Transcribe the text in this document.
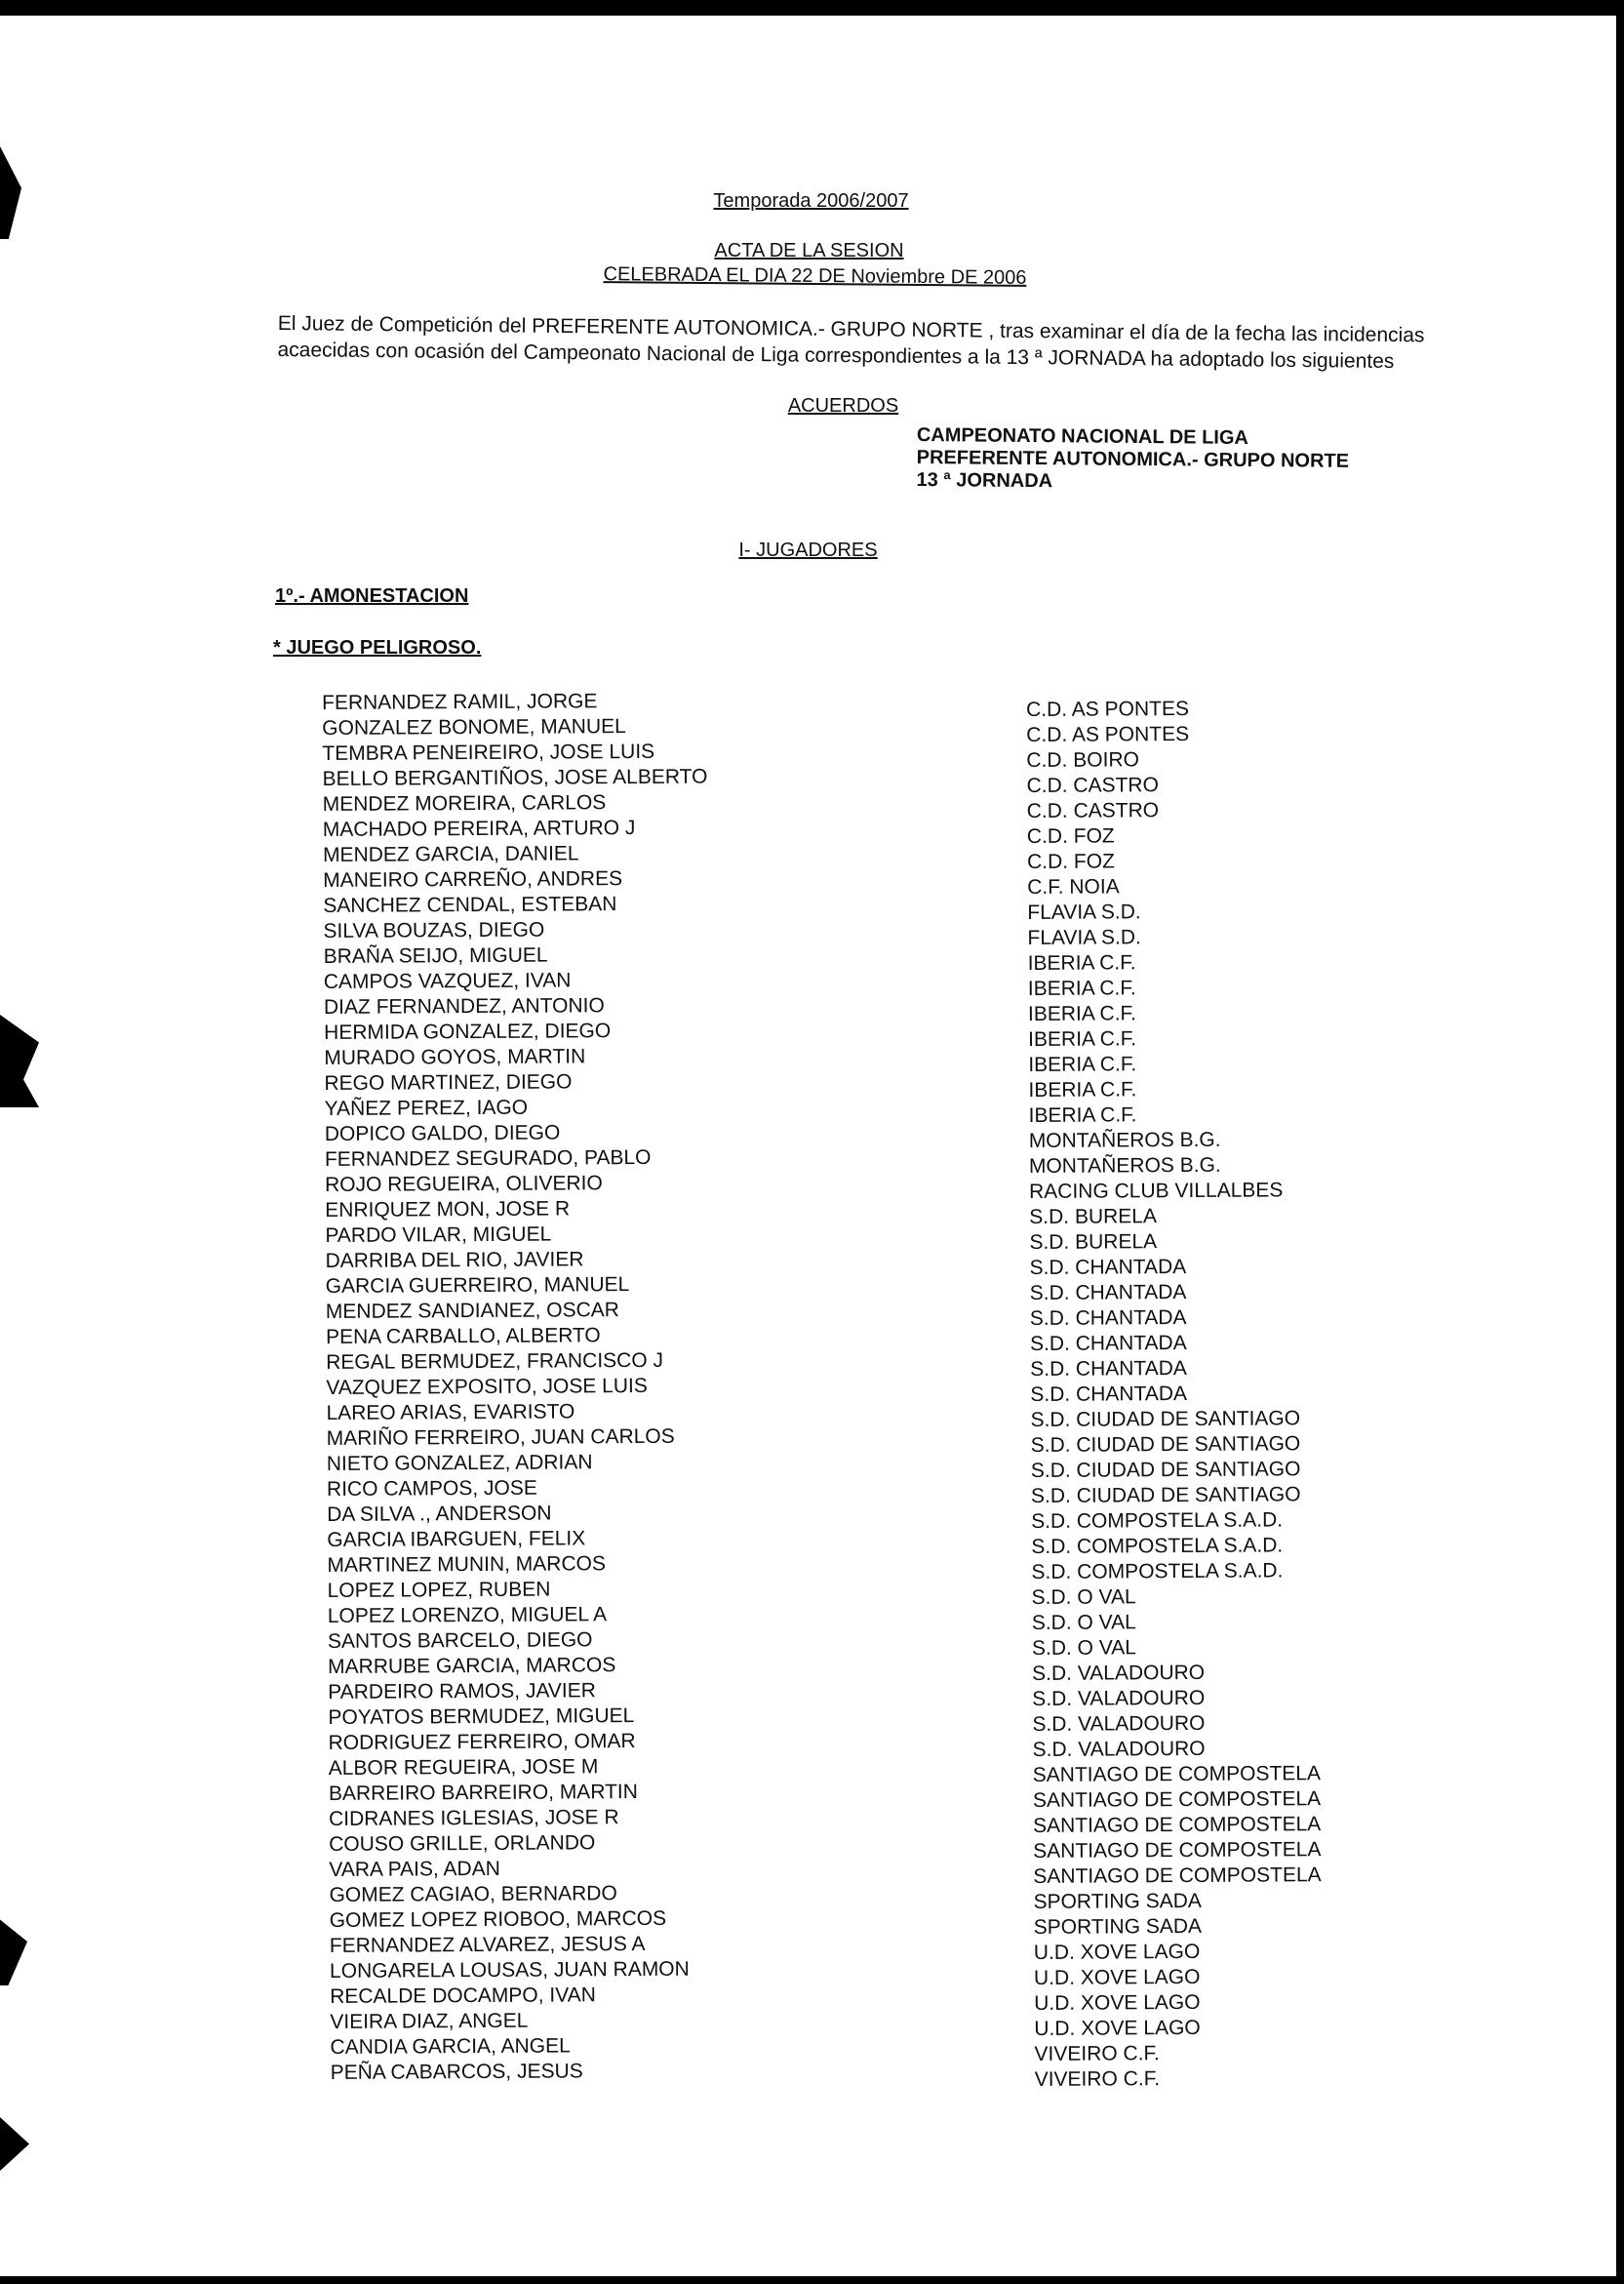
Temporada 2006/2007
ACTA DE LA SESION
CELEBRADA EL DIA 22 DE Noviembre DE 2006
El Juez de Competición del PREFERENTE AUTONOMICA.- GRUPO NORTE , tras examinar el día de la fecha las incidencias
acaecidas con ocasión del Campeonato Nacional de Liga correspondientes a la 13 ª JORNADA ha adoptado los siguientes
ACUERDOS
CAMPEONATO NACIONAL DE LIGA
PREFERENTE AUTONOMICA.- GRUPO NORTE
13 ª JORNADA
I- JUGADORES
1º.- AMONESTACION
* JUEGO PELIGROSO.
FERNANDEZ RAMIL, JORGE
GONZALEZ BONOME, MANUEL
TEMBRA PENEIREIRO, JOSE LUIS
BELLO BERGANTIÑOS, JOSE ALBERTO
MENDEZ MOREIRA, CARLOS
MACHADO PEREIRA, ARTURO J
MENDEZ GARCIA, DANIEL
MANEIRO CARREÑO, ANDRES
SANCHEZ CENDAL, ESTEBAN
SILVA BOUZAS, DIEGO
BRAÑA SEIJO, MIGUEL
CAMPOS VAZQUEZ, IVAN
DIAZ FERNANDEZ, ANTONIO
HERMIDA GONZALEZ, DIEGO
MURADO GOYOS, MARTIN
REGO MARTINEZ, DIEGO
YAÑEZ PEREZ, IAGO
DOPICO GALDO, DIEGO
FERNANDEZ SEGURADO, PABLO
ROJO REGUEIRA, OLIVERIO
ENRIQUEZ MON, JOSE R
PARDO VILAR, MIGUEL
DARRIBA DEL RIO, JAVIER
GARCIA GUERREIRO, MANUEL
MENDEZ SANDIANEZ, OSCAR
PENA CARBALLO, ALBERTO
REGAL BERMUDEZ, FRANCISCO J
VAZQUEZ EXPOSITO, JOSE LUIS
LAREO ARIAS, EVARISTO
MARIÑO FERREIRO, JUAN CARLOS
NIETO GONZALEZ, ADRIAN
RICO CAMPOS, JOSE
DA SILVA ., ANDERSON
GARCIA IBARGUEN, FELIX
MARTINEZ MUNIN, MARCOS
LOPEZ LOPEZ, RUBEN
LOPEZ LORENZO, MIGUEL A
SANTOS BARCELO, DIEGO
MARRUBE GARCIA, MARCOS
PARDEIRO RAMOS, JAVIER
POYATOS BERMUDEZ, MIGUEL
RODRIGUEZ FERREIRO, OMAR
ALBOR REGUEIRA, JOSE M
BARREIRO BARREIRO, MARTIN
CIDRANES IGLESIAS, JOSE R
COUSO GRILLE, ORLANDO
VARA PAIS, ADAN
GOMEZ CAGIAO, BERNARDO
GOMEZ LOPEZ RIOBOO, MARCOS
FERNANDEZ ALVAREZ, JESUS A
LONGARELA LOUSAS, JUAN RAMON
RECALDE DOCAMPO, IVAN
VIEIRA DIAZ, ANGEL
CANDIA GARCIA, ANGEL
PEÑA CABARCOS, JESUS
C.D. AS PONTES
C.D. AS PONTES
C.D. BOIRO
C.D. CASTRO
C.D. CASTRO
C.D. FOZ
C.D. FOZ
C.F. NOIA
FLAVIA S.D.
FLAVIA S.D.
IBERIA C.F.
IBERIA C.F.
IBERIA C.F.
IBERIA C.F.
IBERIA C.F.
IBERIA C.F.
IBERIA C.F.
MONTAÑEROS B.G.
MONTAÑEROS B.G.
RACING CLUB VILLALBES
S.D. BURELA
S.D. BURELA
S.D. CHANTADA
S.D. CHANTADA
S.D. CHANTADA
S.D. CHANTADA
S.D. CHANTADA
S.D. CHANTADA
S.D. CIUDAD DE SANTIAGO
S.D. CIUDAD DE SANTIAGO
S.D. CIUDAD DE SANTIAGO
S.D. CIUDAD DE SANTIAGO
S.D. COMPOSTELA S.A.D.
S.D. COMPOSTELA S.A.D.
S.D. COMPOSTELA S.A.D.
S.D. O VAL
S.D. O VAL
S.D. O VAL
S.D. VALADOURO
S.D. VALADOURO
S.D. VALADOURO
S.D. VALADOURO
SANTIAGO DE COMPOSTELA
SANTIAGO DE COMPOSTELA
SANTIAGO DE COMPOSTELA
SANTIAGO DE COMPOSTELA
SANTIAGO DE COMPOSTELA
SPORTING SADA
SPORTING SADA
U.D. XOVE LAGO
U.D. XOVE LAGO
U.D. XOVE LAGO
U.D. XOVE LAGO
VIVEIRO C.F.
VIVEIRO C.F.
